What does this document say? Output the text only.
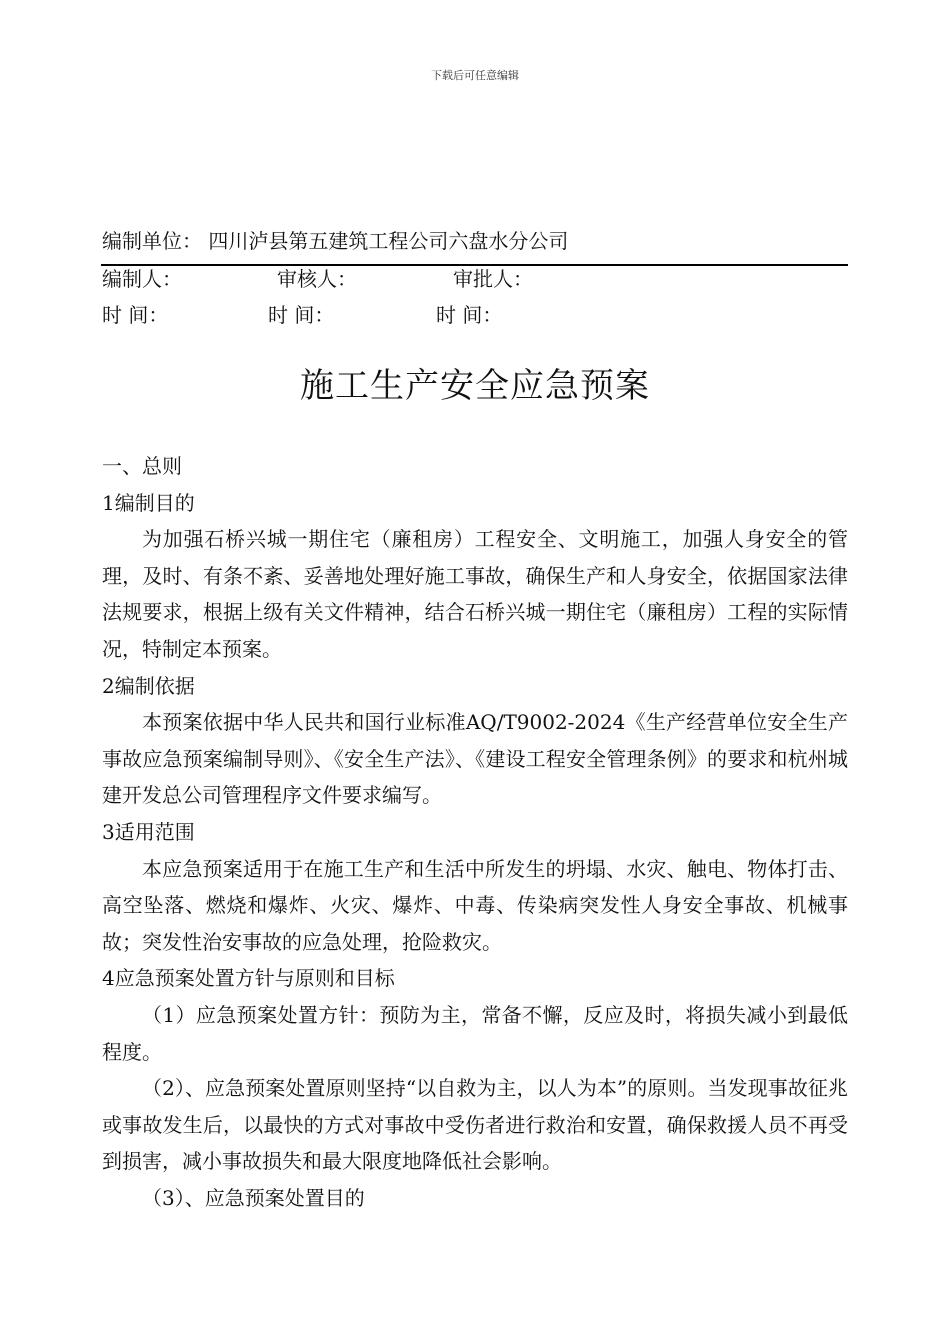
下载后可任意编辑
编制单位： 四川泸县第五建筑工程公司六盘水分公司
编制人：	审核人：	审批人：
时 间：	时 间：	时 间：
施工生产安全应急预案

一、总则

1编制目的

为加强石桥兴城一期住宅（廉租房）工程安全、文明施工，加强人身安全的管理，及时、有条不紊、妥善地处理好施工事故，确保生产和人身安全，依据国家法律法规要求，根据上级有关文件精神，结合石桥兴城一期住宅（廉租房）工程的实际情况，特制定本预案。

2编制依据

本预案依据中华人民共和国行业标准AQ/T9002-2024《生产经营单位安全生产事故应急预案编制导则》、《安全生产法》、《建设工程安全管理条例》的要求和杭州城建开发总公司管理程序文件要求编写。

3适用范围

本应急预案适用于在施工生产和生活中所发生的坍塌、水灾、触电、物体打击、高空坠落、燃烧和爆炸、火灾、爆炸、中毒、传染病突发性人身安全事故、机械事故；突发性治安事故的应急处理，抢险救灾。

4应急预案处置方针与原则和目标

（1）应急预案处置方针：预防为主，常备不懈，反应及时，将损失减小到最低程度。

（2）、应急预案处置原则坚持“以自救为主，以人为本”的原则。当发现事故征兆或事故发生后，以最快的方式对事故中受伤者进行救治和安置，确保救援人员不再受到损害，减小事故损失和最大限度地降低社会影响。

（3）、应急预案处置目的
